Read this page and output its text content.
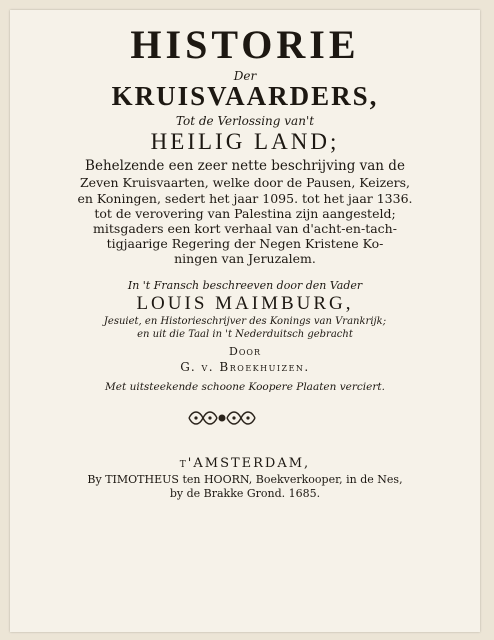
HISTORIE
Der
KRUISVAARDERS,
Tot de Verlossing van't
HEILIG LAND;
Behelzende een zeer nette beschrijving van de
Zeven Kruisvaarten, welke door de Pausen, Keizers,
en Koningen, sedert het jaar 1095. tot het jaar 1336.
tot de verovering van Palestina zijn aangesteld;
mitsgaders een kort verhaal van d'acht-en-tach-
tigjaarige Regering der Negen Kristene Ko-
ningen van Jeruzalem.
In 't Fransch beschreeven door den Vader
LOUIS MAIMBURG,
Jesuiet, en Historieschrijver des Konings van Vrankrijk;
en uit die Taal in 't Nederduitsch gebracht
Door
G. v. Broekhuizen.
Met uitsteekende schoone Koopere Plaaten verciert.
t'AMSTERDAM,
By TIMOTHEUS ten HOORN, Boekverkooper, in de Nes,
by de Brakke Grond. 1685.
